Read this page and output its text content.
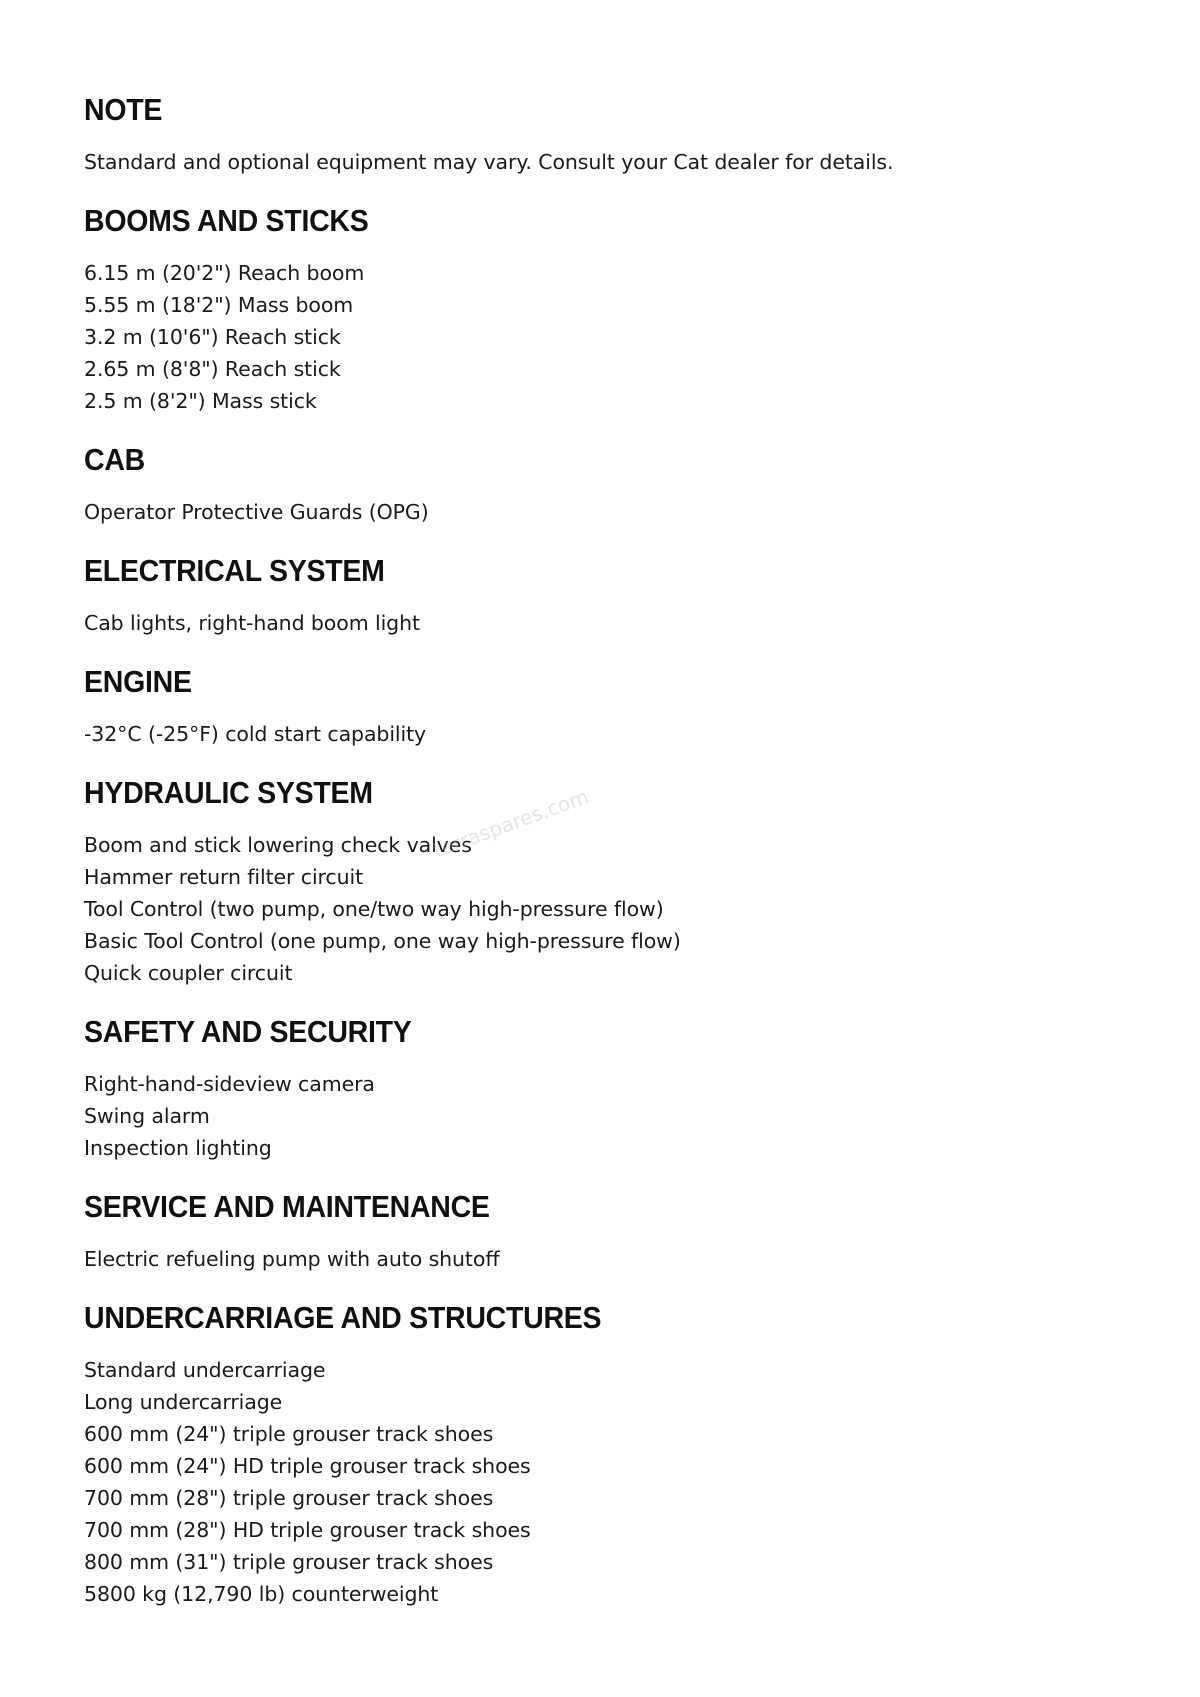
NOTE
Standard and optional equipment may vary. Consult your Cat dealer for details.
BOOMS AND STICKS
6.15 m (20'2") Reach boom
5.55 m (18'2") Mass boom
3.2 m (10'6") Reach stick
2.65 m (8'8") Reach stick
2.5 m (8'2") Mass stick
CAB
Operator Protective Guards (OPG)
ELECTRICAL SYSTEM
Cab lights, right-hand boom light
ENGINE
-32°C (-25°F) cold start capability
HYDRAULIC SYSTEM
Boom and stick lowering check valves
Hammer return filter circuit
Tool Control (two pump, one/two way high-pressure flow)
Basic Tool Control (one pump, one way high-pressure flow)
Quick coupler circuit
SAFETY AND SECURITY
Right-hand-sideview camera
Swing alarm
Inspection lighting
SERVICE AND MAINTENANCE
Electric refueling pump with auto shutoff
UNDERCARRIAGE AND STRUCTURES
Standard undercarriage
Long undercarriage
600 mm (24") triple grouser track shoes
600 mm (24") HD triple grouser track shoes
700 mm (28") triple grouser track shoes
700 mm (28") HD triple grouser track shoes
800 mm (31") triple grouser track shoes
5800 kg (12,790 lb) counterweight
terraspares.com
